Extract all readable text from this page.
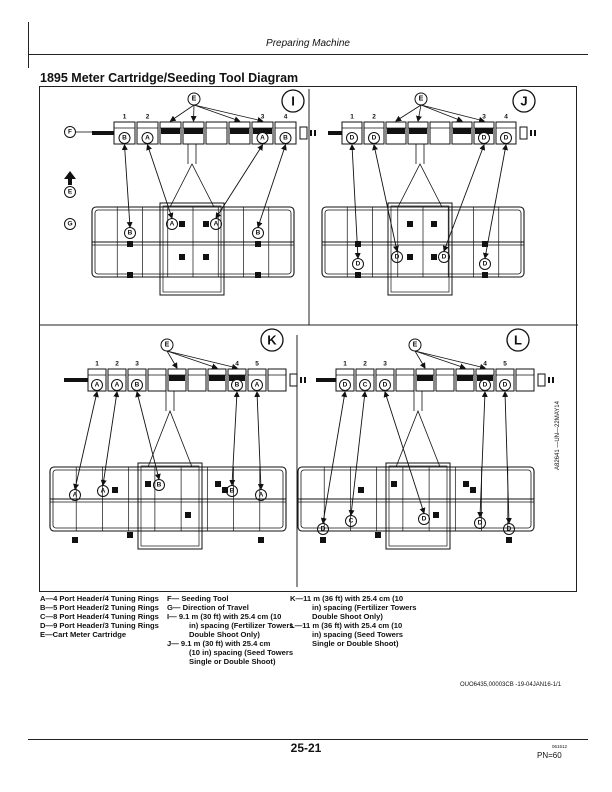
Preparing Machine
1895 Meter Cartridge/Seeding Tool Diagram
I
E
1
B
B
2
A
A
3
A
A
4
B
B
J
E
1
D
D
2
D
D
3
D
D
4
D
D
K
E
1
A
A
2
A
A
3
B
B
4
B
B
5
A
A
L
E
1
D
D
2
C
C
3
D
D
4
D
D
5
D
D
F
E
G
A82641 —UN—22MAY14
A—4 Port Header/4 Tuning Rings
B—5 Port Header/2 Tuning Rings
C—8 Port Header/4 Tuning Rings
D—9 Port Header/3 Tuning Rings
E—Cart Meter Cartridge
F— Seeding Tool
G— Direction of Travel
I— 9.1 m (30 ft) with 25.4 cm (10
in) spacing (Fertilizer Towers
Double Shoot Only)
J— 9.1 m (30 ft) with 25.4 cm
(10 in) spacing (Seed Towers
Single or Double Shoot)
K—11 m (36 ft) with 25.4 cm (10
in) spacing (Fertilizer Towers
Double Shoot Only)
L—11 m (36 ft) with 25.4 cm (10
in) spacing (Seed Towers
Single or Double Shoot)
OUO6435,00003CB -19-04JAN16-1/1
25-21	061512
PN=60
